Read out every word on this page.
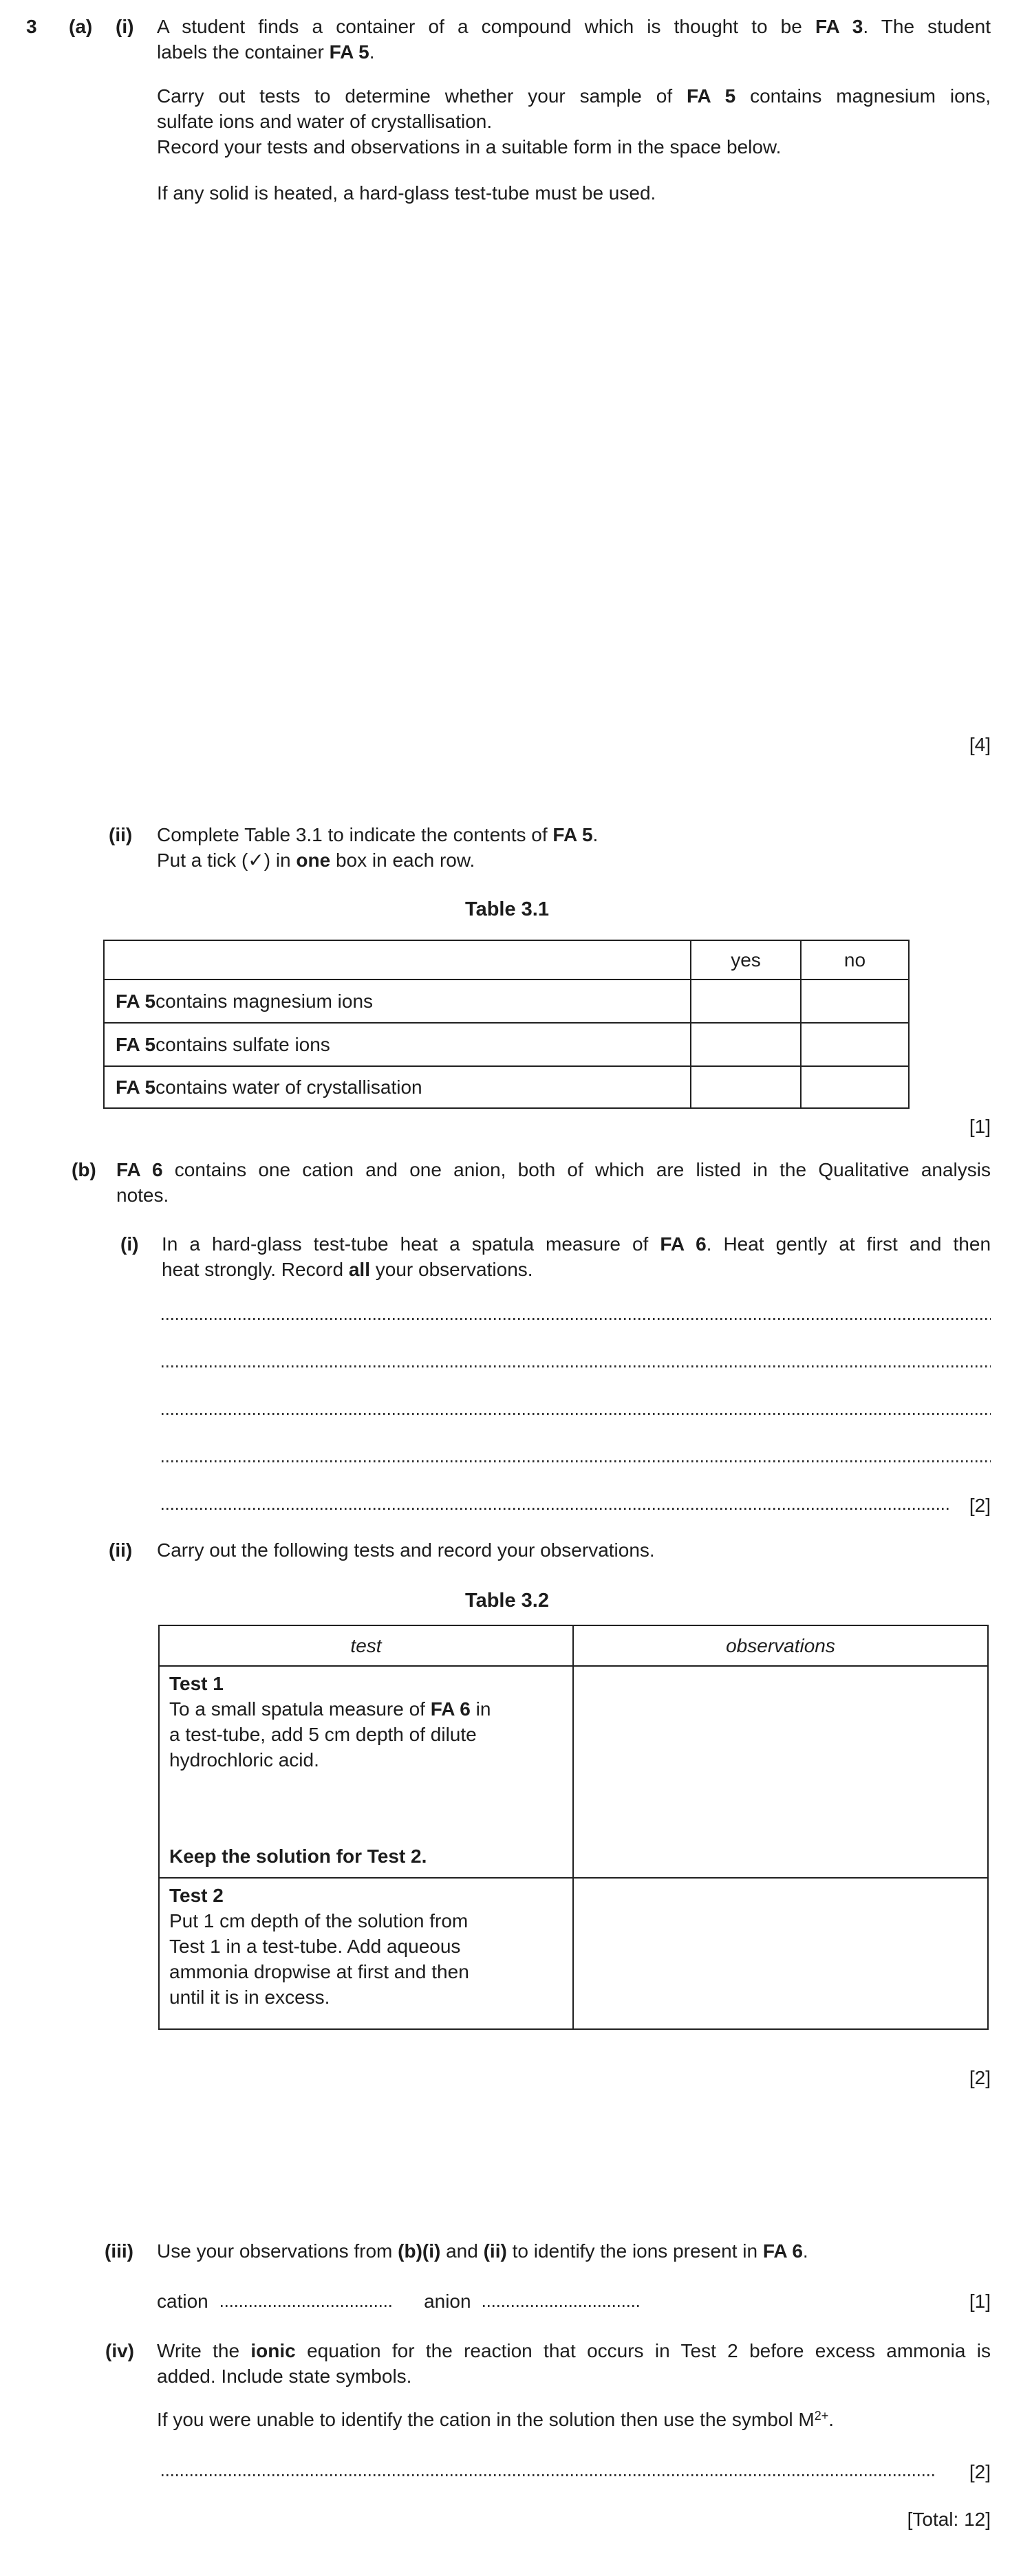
3 (a) (i) A student finds a container of a compound which is thought to be FA 3. The student
labels the container FA 5.
Carry out tests to determine whether your sample of FA 5 contains magnesium ions,
sulfate ions and water of crystallisation.
Record your tests and observations in a suitable form in the space below.
If any solid is heated, a hard-glass test-tube must be used.
[4]
(ii) Complete Table 3.1 to indicate the contents of FA 5.
Put a tick (✓) in one box in each row.
Table 3.1
yes	no
FA 5 contains magnesium ions
FA 5 contains sulfate ions
FA 5 contains water of crystallisation
[1]
(b) FA 6 contains one cation and one anion, both of which are listed in the Qualitative analysis
notes.
(i) In a hard-glass test-tube heat a spatula measure of FA 6. Heat gently at first and then
heat strongly. Record all your observations.
[2]
(ii) Carry out the following tests and record your observations.
Table 3.2
test	observations
Test 1
To a small spatula measure of FA 6 in
a test-tube, add 5 cm depth of dilute
hydrochloric acid.
Keep the solution for Test 2.
Test 2
Put 1 cm depth of the solution from
Test 1 in a test-tube. Add aqueous
ammonia dropwise at first and then
until it is in excess.
[2]
(iii) Use your observations from (b)(i) and (ii) to identify the ions present in FA 6.
cation	anion	[1]
(iv) Write the ionic equation for the reaction that occurs in Test 2 before excess ammonia is
added. Include state symbols.
If you were unable to identify the cation in the solution then use the symbol $M^{2+}$.
[2]
[Total: 12]
